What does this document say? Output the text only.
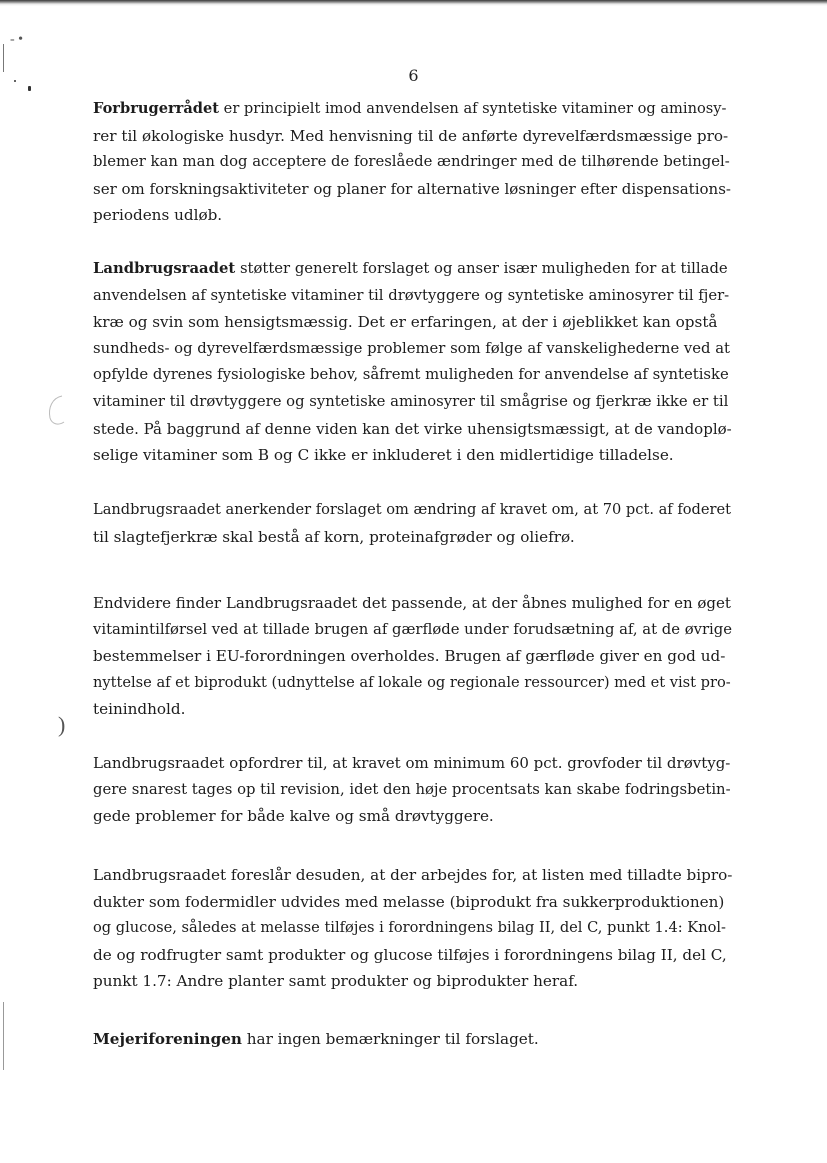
- •
)
6

Forbrugerrådet er principielt imod anvendelsen af syntetiske vitaminer og aminosy-
rer til økologiske husdyr. Med henvisning til de anførte dyrevelfærdsmæssige pro-
blemer kan man dog acceptere de foreslåede ændringer med de tilhørende betingel-
ser om forskningsaktiviteter og planer for alternative løsninger efter dispensations-
periodens udløb.

Landbrugsraadet støtter generelt forslaget og anser især muligheden for at tillade
anvendelsen af syntetiske vitaminer til drøvtyggere og syntetiske aminosyrer til fjer-
kræ og svin som hensigtsmæssig. Det er erfaringen, at der i øjeblikket kan opstå
sundheds- og dyrevelfærdsmæssige problemer som følge af vanskelighederne ved at
opfylde dyrenes fysiologiske behov, såfremt muligheden for anvendelse af syntetiske
vitaminer til drøvtyggere og syntetiske aminosyrer til smågrise og fjerkræ ikke er til
stede. På baggrund af denne viden kan det virke uhensigtsmæssigt, at de vandoplø-
selige vitaminer som B og C ikke er inkluderet i den midlertidige tilladelse.

Landbrugsraadet anerkender forslaget om ændring af kravet om, at 70 pct. af foderet
til slagtefjerkræ skal bestå af korn, proteinafgrøder og oliefrø.

Endvidere finder Landbrugsraadet det passende, at der åbnes mulighed for en øget
vitamintilførsel ved at tillade brugen af gærfløde under forudsætning af, at de øvrige
bestemmelser i EU-forordningen overholdes. Brugen af gærfløde giver en god ud-
nyttelse af et biprodukt (udnyttelse af lokale og regionale ressourcer) med et vist pro-
teinindhold.

Landbrugsraadet opfordrer til, at kravet om minimum 60 pct. grovfoder til drøvtyg-
gere snarest tages op til revision, idet den høje procentsats kan skabe fodringsbetin-
gede problemer for både kalve og små drøvtyggere.

Landbrugsraadet foreslår desuden, at der arbejdes for, at listen med tilladte bipro-
dukter som fodermidler udvides med melasse (biprodukt fra sukkerproduktionen)
og glucose, således at melasse tilføjes i forordningens bilag II, del C, punkt 1.4: Knol-
de og rodfrugter samt produkter og glucose tilføjes i forordningens bilag II, del C,
punkt 1.7: Andre planter samt produkter og biprodukter heraf.

Mejeriforeningen har ingen bemærkninger til forslaget.
